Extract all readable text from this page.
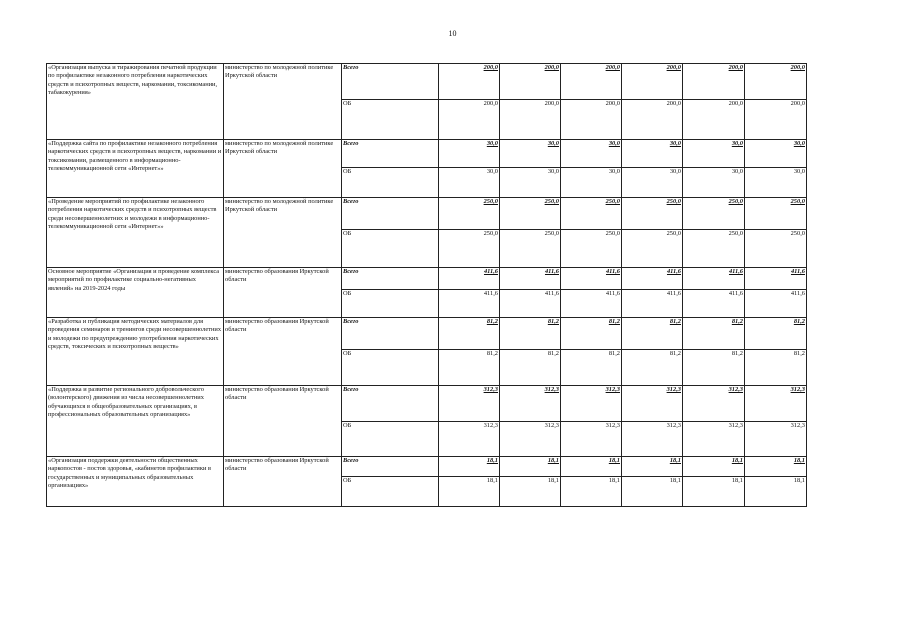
10
«Организация выпуска и тиражирования печатной продукции по профилактике незаконного потребления наркотических средств и психотропных веществ, наркомании, токсикомании, табакокурения»	министерство по молодежной политике Иркутской области	Всего	200,0	200,0	200,0	200,0	200,0	200,0
		ОБ	200,0	200,0	200,0	200,0	200,0	200,0
«Поддержка сайта по профилактике незаконного потребления наркотических средств и психотропных веществ, наркомании и токсикомании, размещенного в информационно-телекоммуникационной сети «Интернет»»	министерство по молодежной политике Иркутской области	Всего	30,0	30,0	30,0	30,0	30,0	30,0
		ОБ	30,0	30,0	30,0	30,0	30,0	30,0
«Проведение мероприятий по профилактике незаконного потребления наркотических средств и психотропных веществ среди несовершеннолетних и молодежи в информационно-телекоммуникационной сети «Интернет»»	министерство по молодежной политике Иркутской области	Всего	250,0	250,0	250,0	250,0	250,0	250,0
		ОБ	250,0	250,0	250,0	250,0	250,0	250,0
Основное мероприятие «Организация и проведение комплекса мероприятий по профилактике социально-негативных явлений» на 2019-2024 годы	министерство образования Иркутской области	Всего	411,6	411,6	411,6	411,6	411,6	411,6
		ОБ	411,6	411,6	411,6	411,6	411,6	411,6
«Разработка и публикация методических материалов для проведения семинаров и тренингов среди несовершеннолетних и молодежи по предупреждению употребления наркотических средств, токсических и психотропных веществ»	министерство образования Иркутской области	Всего	81,2	81,2	81,2	81,2	81,2	81,2
		ОБ	81,2	81,2	81,2	81,2	81,2	81,2
«Поддержка и развитие регионального добровольческого (волонтерского) движения из числа несовершеннолетних обучающихся в общеобразовательных организациях, в профессиональных образовательных организациях»	министерство образования Иркутской области	Всего	312,3	312,3	312,3	312,3	312,3	312,3
		ОБ	312,3	312,3	312,3	312,3	312,3	312,3
«Организация поддержки деятельности общественных наркопостов - постов здоровья, «кабинетов профилактики в государственных и муниципальных образовательных организациях»	министерство образования Иркутской области	Всего	18,1	18,1	18,1	18,1	18,1	18,1
		ОБ	18,1	18,1	18,1	18,1	18,1	18,1
